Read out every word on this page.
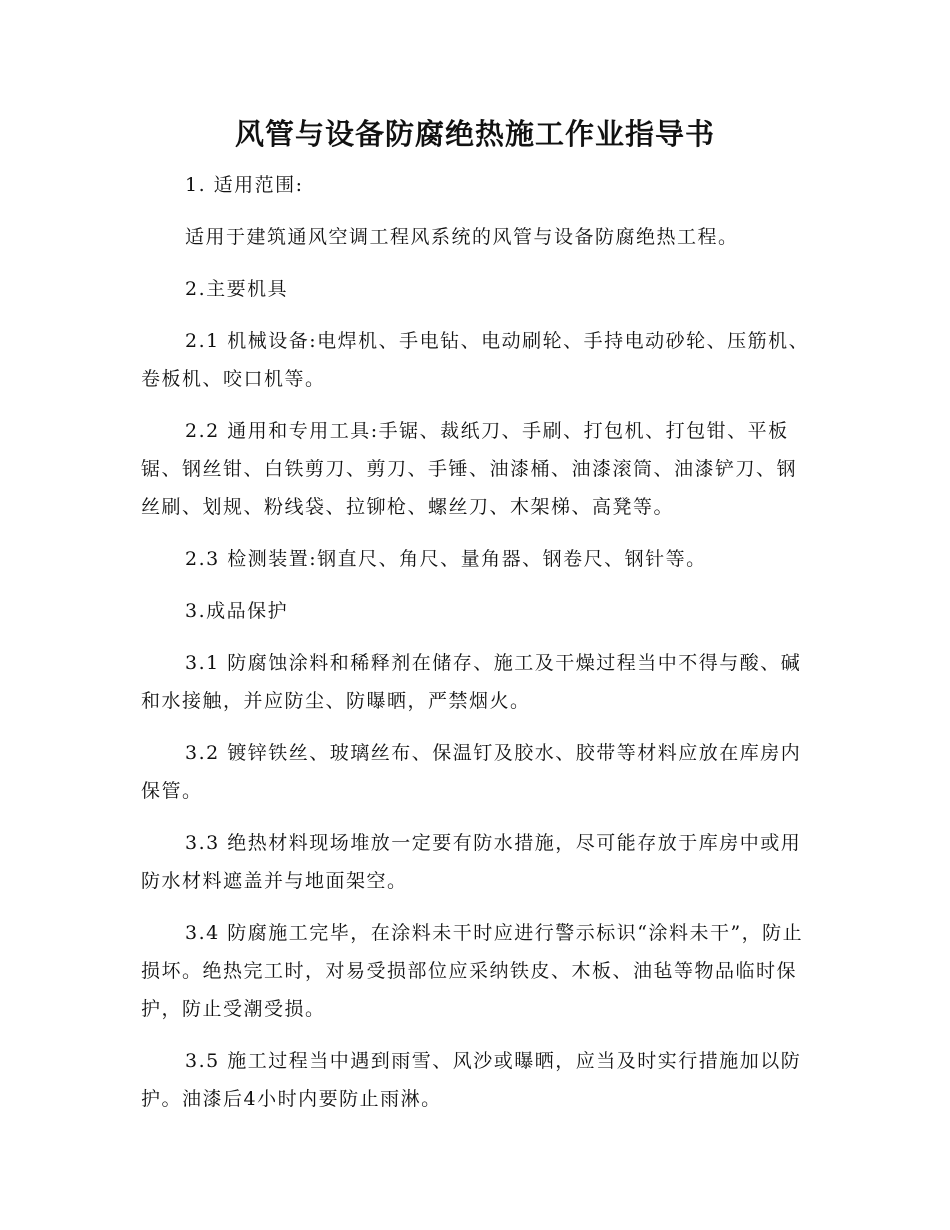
风管与设备防腐绝热施工作业指导书

1. 适用范围:

适用于建筑通风空调工程风系统的风管与设备防腐绝热工程。

2.主要机具

2.1 机械设备:电焊机、手电钻、电动刷轮、手持电动砂轮、压筋机、卷板机、咬口机等。

2.2 通用和专用工具:手锯、裁纸刀、手刷、打包机、打包钳、平板锯、钢丝钳、白铁剪刀、剪刀、手锤、油漆桶、油漆滚筒、油漆铲刀、钢丝刷、划规、粉线袋、拉铆枪、螺丝刀、木架梯、高凳等。

2.3 检测装置:钢直尺、角尺、量角器、钢卷尺、钢针等。

3.成品保护

3.1 防腐蚀涂料和稀释剂在储存、施工及干燥过程当中不得与酸、碱和水接触，并应防尘、防曝晒，严禁烟火。

3.2 镀锌铁丝、玻璃丝布、保温钉及胶水、胶带等材料应放在库房内保管。

3.3 绝热材料现场堆放一定要有防水措施，尽可能存放于库房中或用防水材料遮盖并与地面架空。

3.4 防腐施工完毕，在涂料未干时应进行警示标识“涂料未干”，防止损坏。绝热完工时，对易受损部位应采纳铁皮、木板、油毡等物品临时保护，防止受潮受损。

3.5 施工过程当中遇到雨雪、风沙或曝晒，应当及时实行措施加以防护。油漆后4小时内要防止雨淋。
